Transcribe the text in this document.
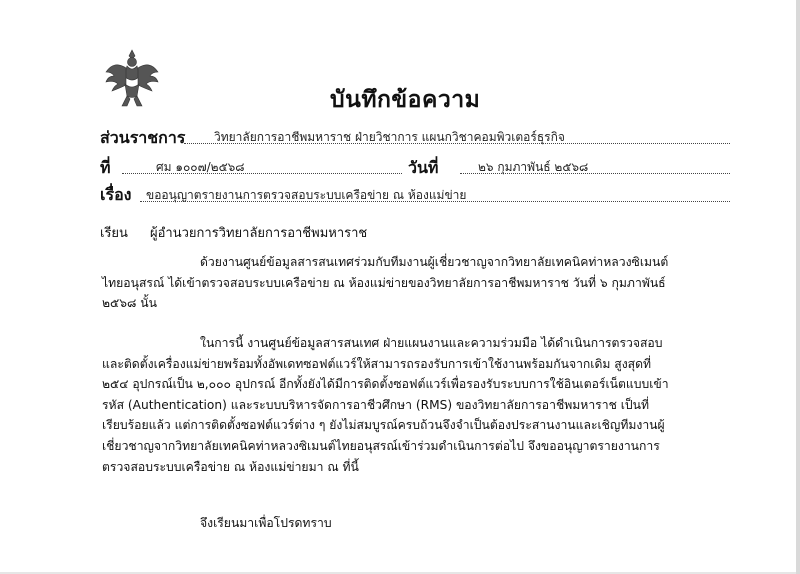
บันทึกข้อความ
ส่วนราชการ วิทยาลัยการอาชีพมหาราช ฝ่ายวิชาการ แผนกวิชาคอมพิวเตอร์ธุรกิจ
ที่	ศม ๑๐๐๗/๒๕๖๘	วันที่	๒๖ กุมภาพันธ์ ๒๕๖๘
เรื่อง ขออนุญาตรายงานการตรวจสอบระบบเครือข่าย ณ ห้องแม่ข่าย
เรียน ผู้อำนวยการวิทยาลัยการอาชีพมหาราช
ด้วยงานศูนย์ข้อมูลสารสนเทศร่วมกับทีมงานผู้เชี่ยวชาญจากวิทยาลัยเทคนิคท่าหลวงซิเมนต์ไทยอนุสรณ์ ได้เข้าตรวจสอบระบบเครือข่าย ณ ห้องแม่ข่ายของวิทยาลัยการอาชีพมหาราช วันที่ ๖ กุมภาพันธ์ ๒๕๖๘ นั้น
ในการนี้ งานศูนย์ข้อมูลสารสนเทศ ฝ่ายแผนงานและความร่วมมือ ได้ดำเนินการตรวจสอบและติดตั้งเครื่องแม่ข่ายพร้อมทั้งอัพเดทซอฟต์แวร์ให้สามารถรองรับการเข้าใช้งานพร้อมกันจากเดิม สูงสุดที่ ๒๕๔ อุปกรณ์เป็น ๒,๐๐๐ อุปกรณ์ อีกทั้งยังได้มีการติดตั้งซอฟต์แวร์เพื่อรองรับระบบการใช้อินเตอร์เน็ตแบบเข้ารหัส (Authentication) และระบบบริหารจัดการอาชีวศึกษา (RMS) ของวิทยาลัยการอาชีพมหาราช เป็นที่เรียบร้อยแล้ว แต่การติดตั้งซอฟต์แวร์ต่าง ๆ ยังไม่สมบูรณ์ครบถ้วนจึงจำเป็นต้องประสานงานและเชิญทีมงานผู้เชี่ยวชาญจากวิทยาลัยเทคนิคท่าหลวงซิเมนต์ไทยอนุสรณ์เข้าร่วมดำเนินการต่อไป จึงขออนุญาตรายงานการตรวจสอบระบบเครือข่าย ณ ห้องแม่ข่ายมา ณ ที่นี้
จึงเรียนมาเพื่อโปรดทราบ
